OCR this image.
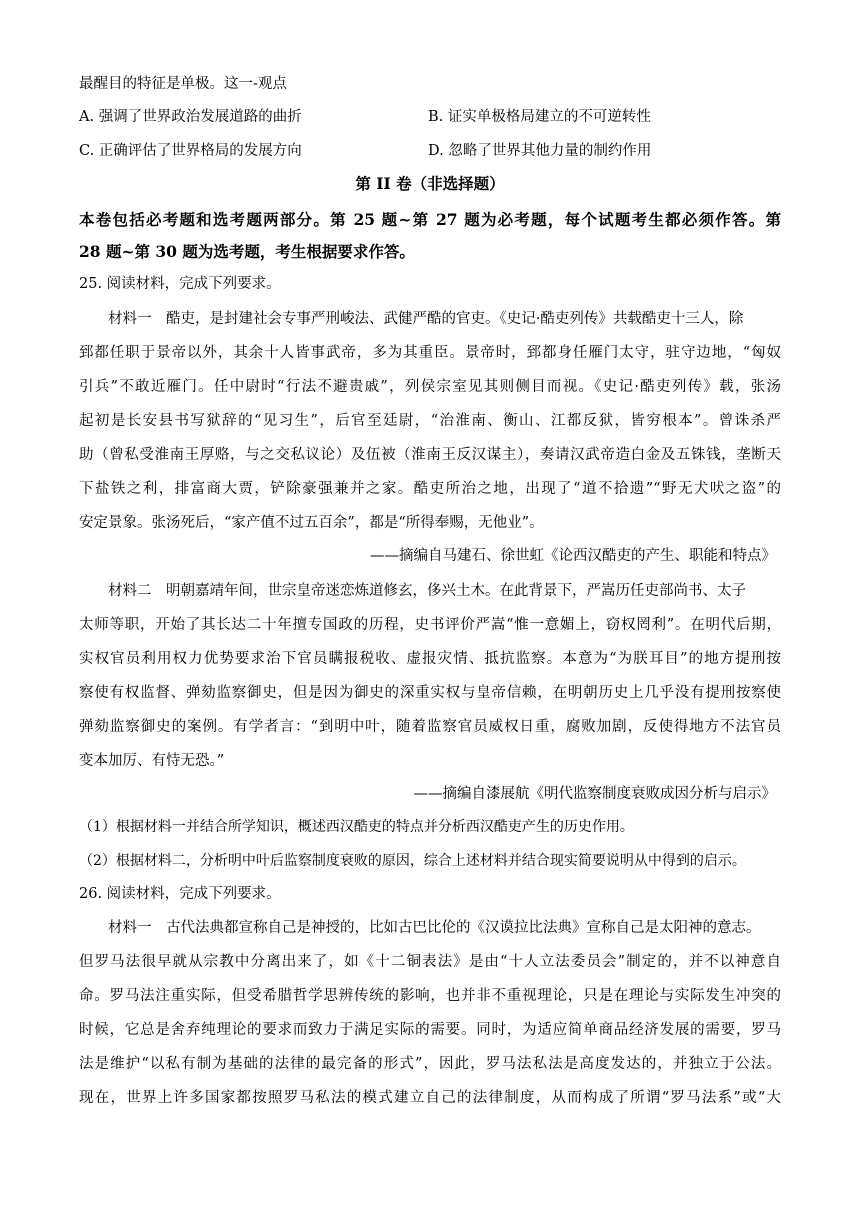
最醒目的特征是单极。这一-观点
A. 强调了世界政治发展道路的曲折	B. 证实单极格局建立的不可逆转性
C. 正确评估了世界格局的发展方向	D. 忽略了世界其他力量的制约作用
第 II 卷（非选择题）
本卷包括必考题和选考题两部分。第 25 题~第 27 题为必考题，每个试题考生都必须作答。第
28 题~第 30 题为选考题，考生根据要求作答。
25. 阅读材料，完成下列要求。
材料一　酷吏，是封建社会专事严刑峻法、武健严酷的官吏。《史记·酷吏列传》共载酷吏十三人，除
郅都任职于景帝以外，其余十人皆事武帝，多为其重臣。景帝时，郅都身任雁门太守，驻守边地，“匈奴
引兵”不敢近雁门。任中尉时“行法不避贵戚”，列侯宗室见其则侧目而视。《史记·酷吏列传》载，张汤
起初是长安县书写狱辞的“见习生”，后官至廷尉，“治淮南、衡山、江都反狱，皆穷根本”。曾诛杀严
助（曾私受淮南王厚赂，与之交私议论）及伍被（淮南王反汉谋主），奏请汉武帝造白金及五铢钱，垄断天
下盐铁之利，排富商大贾，铲除豪强兼并之家。酷吏所治之地，出现了“道不拾遗”“野无犬吠之盗”的
安定景象。张汤死后，“家产值不过五百余”，都是“所得奉赐，无他业”。
——摘编自马建石、徐世虹《论西汉酷吏的产生、职能和特点》
材料二　明朝嘉靖年间，世宗皇帝迷恋炼道修玄，侈兴土木。在此背景下，严嵩历任吏部尚书、太子
太师等职，开始了其长达二十年擅专国政的历程，史书评价严嵩“惟一意媚上，窃权罔利”。在明代后期，
实权官员利用权力优势要求治下官员瞒报税收、虚报灾情、抵抗监察。本意为“为朕耳目”的地方提刑按
察使有权监督、弹劾监察御史，但是因为御史的深重实权与皇帝信赖，在明朝历史上几乎没有提刑按察使
弹劾监察御史的案例。有学者言：“到明中叶，随着监察官员威权日重，腐败加剧，反使得地方不法官员
变本加厉、有恃无恐。”
——摘编自漆展航《明代监察制度衰败成因分析与启示》
（1）根据材料一并结合所学知识，概述西汉酷吏的特点并分析西汉酷吏产生的历史作用。
（2）根据材料二，分析明中叶后监察制度衰败的原因，综合上述材料并结合现实简要说明从中得到的启示。
26. 阅读材料，完成下列要求。
材料一　古代法典都宣称自己是神授的，比如古巴比伦的《汉谟拉比法典》宣称自己是太阳神的意志。
但罗马法很早就从宗教中分离出来了，如《十二铜表法》是由“十人立法委员会”制定的，并不以神意自
命。罗马法注重实际，但受希腊哲学思辨传统的影响，也并非不重视理论，只是在理论与实际发生冲突的
时候，它总是舍弃纯理论的要求而致力于满足实际的需要。同时，为适应简单商品经济发展的需要，罗马
法是维护“以私有制为基础的法律的最完备的形式”，因此，罗马法私法是高度发达的，并独立于公法。
现在，世界上许多国家都按照罗马私法的模式建立自己的法律制度，从而构成了所谓“罗马法系”或“大
